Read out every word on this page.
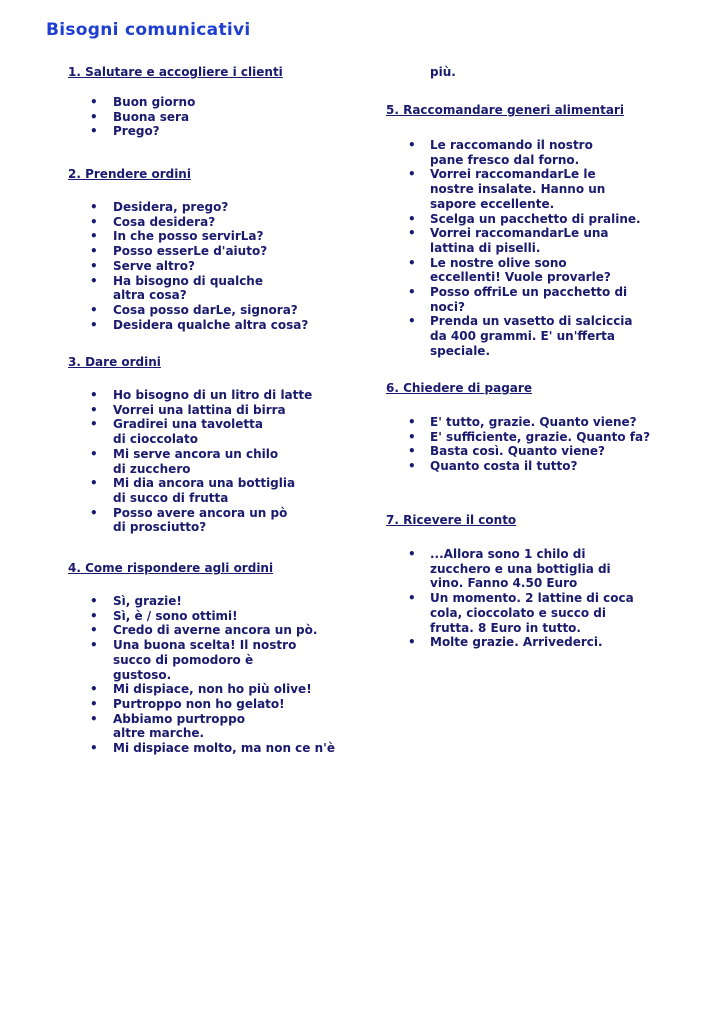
Bisogni comunicativi
1. Salutare e accogliere i clienti
• Buon giorno
• Buona sera
• Prego?
2. Prendere ordini
• Desidera, prego?
• Cosa desidera?
• In che posso servirLa?
• Posso esserLe d'aiuto?
• Serve altro?
• Ha bisogno di qualche altra cosa?
• Cosa posso darLe, signora?
• Desidera qualche altra cosa?
3. Dare ordini
• Ho bisogno di un litro di latte
• Vorrei una lattina di birra
• Gradirei una tavoletta di cioccolato
• Mi serve ancora un chilo di zucchero
• Mi dia ancora una bottiglia di succo di frutta
• Posso avere ancora un pò di prosciutto?
4. Come rispondere agli ordini
• Sì, grazie!
• Sì, è / sono ottimi!
• Credo di averne ancora un pò.
• Una buona scelta! Il nostro succo di pomodoro è gustoso.
• Mi dispiace, non ho più olive!
• Purtroppo non ho gelato!
• Abbiamo purtroppo altre marche.
• Mi dispiace molto, ma non ce n'è
più.
5. Raccomandare generi alimentari
• Le raccomando il nostro pane fresco dal forno.
• Vorrei raccomandarLe le nostre insalate. Hanno un sapore eccellente.
• Scelga un pacchetto di praline.
• Vorrei raccomandarLe una lattina di piselli.
• Le nostre olive sono eccellenti! Vuole provarle?
• Posso offriLe un pacchetto di noci?
• Prenda un vasetto di salciccia da 400 grammi. E' un'fferta speciale.
6. Chiedere di pagare
• E' tutto, grazie. Quanto viene?
• E' sufficiente, grazie. Quanto fa?
• Basta così. Quanto viene?
• Quanto costa il tutto?
7. Ricevere il conto
• ...Allora sono 1 chilo di zucchero e una bottiglia di vino. Fanno 4.50 Euro
• Un momento. 2 lattine di coca cola, cioccolato e succo di frutta. 8 Euro in tutto.
• Molte grazie. Arrivederci.
